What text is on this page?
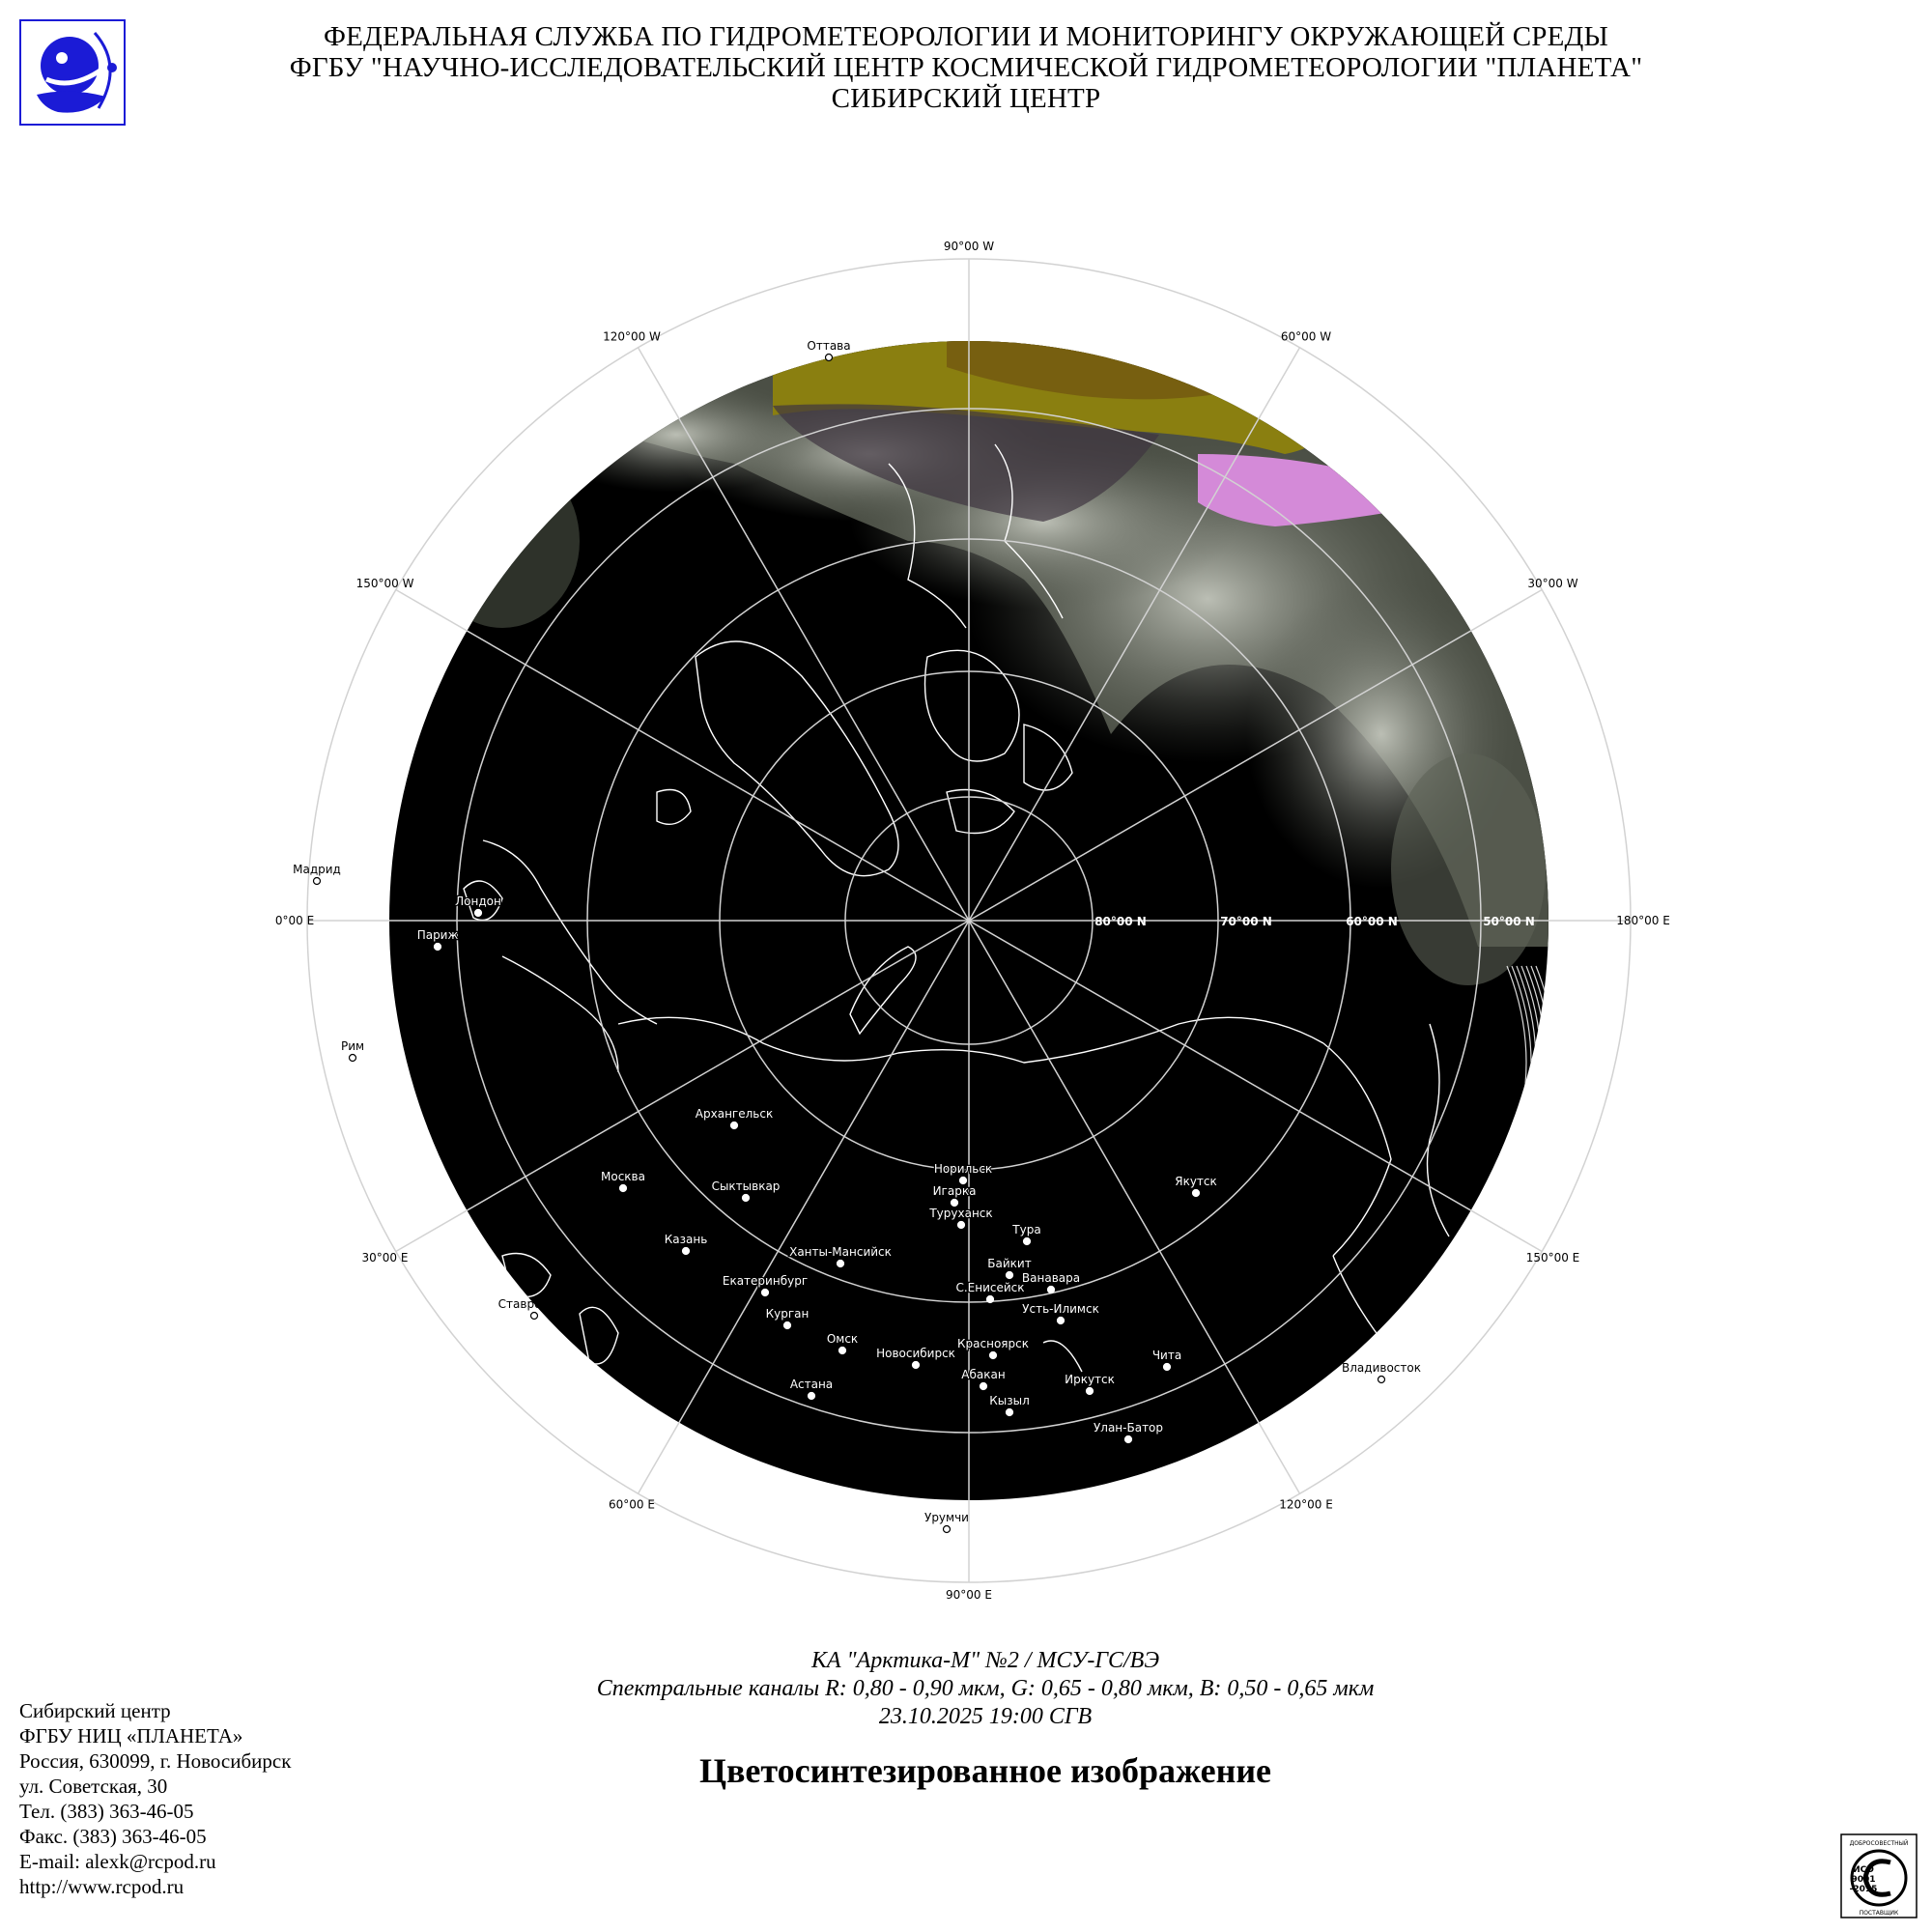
ФЕДЕРАЛЬНАЯ СЛУЖБА ПО ГИДРОМЕТЕОРОЛОГИИ И МОНИТОРИНГУ ОКРУЖАЮЩЕЙ СРЕДЫ
ФГБУ "НАУЧНО-ИССЛЕДОВАТЕЛЬСКИЙ ЦЕНТР КОСМИЧЕСКОЙ ГИДРОМЕТЕОРОЛОГИИ "ПЛАНЕТА"
СИБИРСКИЙ ЦЕНТР
90°00 W
120°00 W	60°00 W
150°00 W	30°00 W
0°00 E	180°00 E
30°00 E	150°00 E
60°00 E	120°00 E
90°00 E
80°00 N	70°00 N	60°00 N	50°00 N
Оттава
Мадрид
Лондон
Париж
Рим
Архангельск
Москва
Сыктывкар
Казань
Ханты-Мансийск
Екатеринбург
Ставрополь
Курган
Омск
Новосибирск
Астана
Норильск
Игарка
Туруханск
Тура
Байкит
Ванавара
С.Енисейск
Усть-Илимск
Красноярск
Абакан
Кызыл
Иркутск
Чита
Улан-Батор
Якутск
Владивосток
Урумчи
КА "Арктика-М" №2 / МСУ-ГС/ВЭ
Спектральные каналы R: 0,80 - 0,90 мкм, G: 0,65 - 0,80 мкм, B: 0,50 - 0,65 мкм
23.10.2025 19:00 СГВ
Цветосинтезированное изображение
Сибирский центр
ФГБУ НИЦ «ПЛАНЕТА»
Россия, 630099, г. Новосибирск
ул. Советская, 30
Тел. (383) 363-46-05
Факс. (383) 363-46-05
E-mail: alexk@rcpod.ru
http://www.rcpod.ru
ДОБРОСОВЕСТНЫЙ
ИСО
9001
-2015
ПОСТАВЩИК
